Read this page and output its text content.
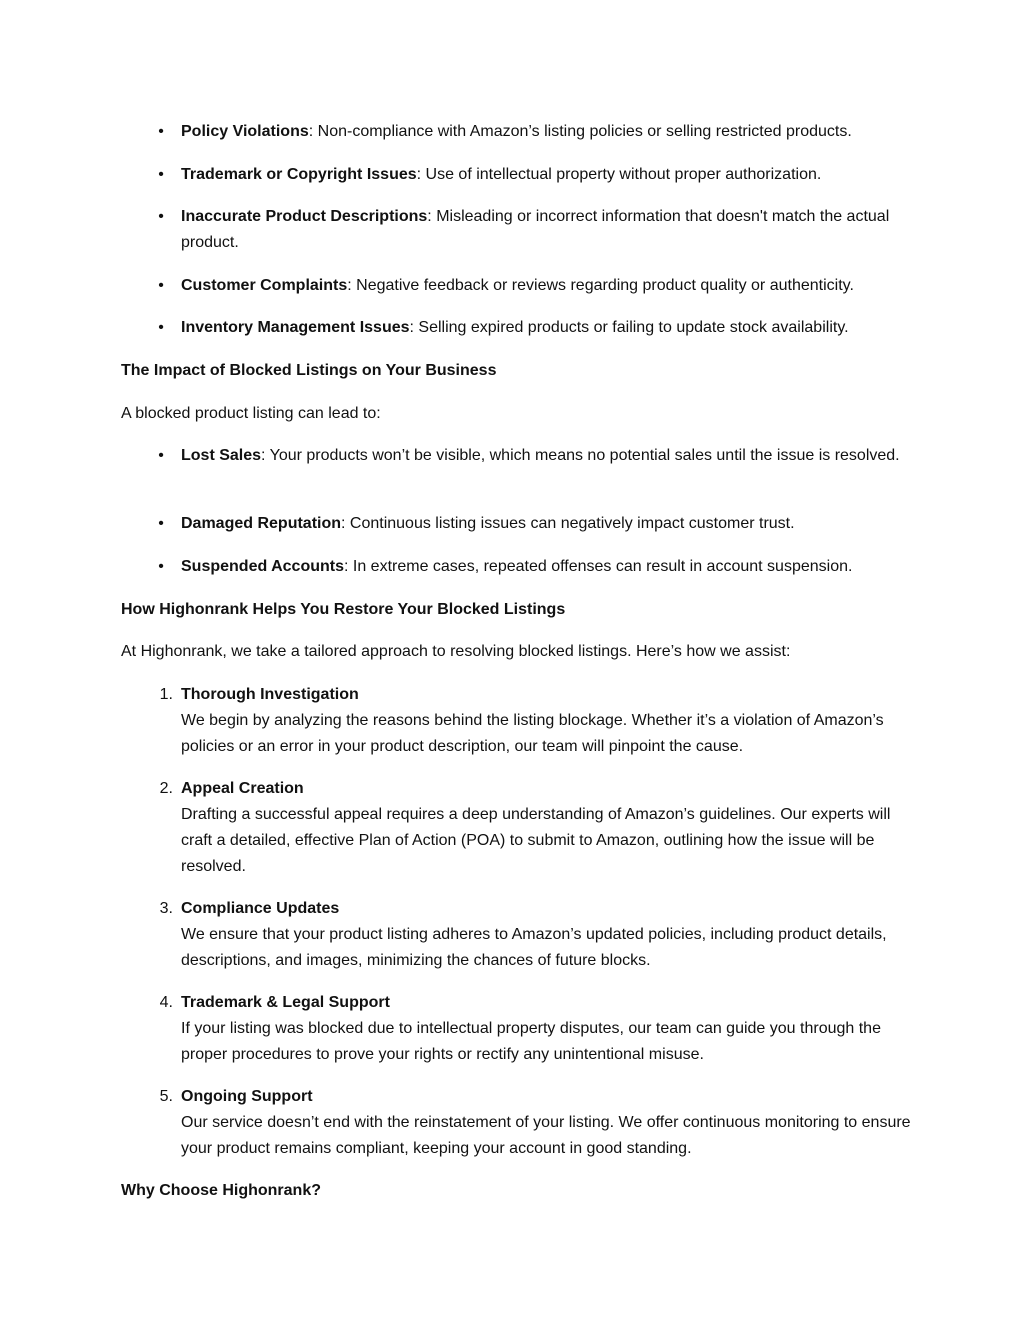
•	Policy Violations: Non-compliance with Amazon’s listing policies or selling restricted products.

•	Trademark or Copyright Issues: Use of intellectual property without proper authorization.

•	Inaccurate Product Descriptions: Misleading or incorrect information that doesn't match the actual product.

•	Customer Complaints: Negative feedback or reviews regarding product quality or authenticity.

•	Inventory Management Issues: Selling expired products or failing to update stock availability.

The Impact of Blocked Listings on Your Business

A blocked product listing can lead to:

•	Lost Sales: Your products won’t be visible, which means no potential sales until the issue is resolved.

•	Damaged Reputation: Continuous listing issues can negatively impact customer trust.

•	Suspended Accounts: In extreme cases, repeated offenses can result in account suspension.

How Highonrank Helps You Restore Your Blocked Listings

At Highonrank, we take a tailored approach to resolving blocked listings. Here’s how we assist:

1. Thorough Investigation

We begin by analyzing the reasons behind the listing blockage. Whether it’s a violation of Amazon’s policies or an error in your product description, our team will pinpoint the cause.

2. Appeal Creation

Drafting a successful appeal requires a deep understanding of Amazon’s guidelines. Our experts will craft a detailed, effective Plan of Action (POA) to submit to Amazon, outlining how the issue will be resolved.

3. Compliance Updates

We ensure that your product listing adheres to Amazon’s updated policies, including product details, descriptions, and images, minimizing the chances of future blocks.

4. Trademark & Legal Support

If your listing was blocked due to intellectual property disputes, our team can guide you through the proper procedures to prove your rights or rectify any unintentional misuse.

5. Ongoing Support

Our service doesn’t end with the reinstatement of your listing. We offer continuous monitoring to ensure your product remains compliant, keeping your account in good standing.

Why Choose Highonrank?
